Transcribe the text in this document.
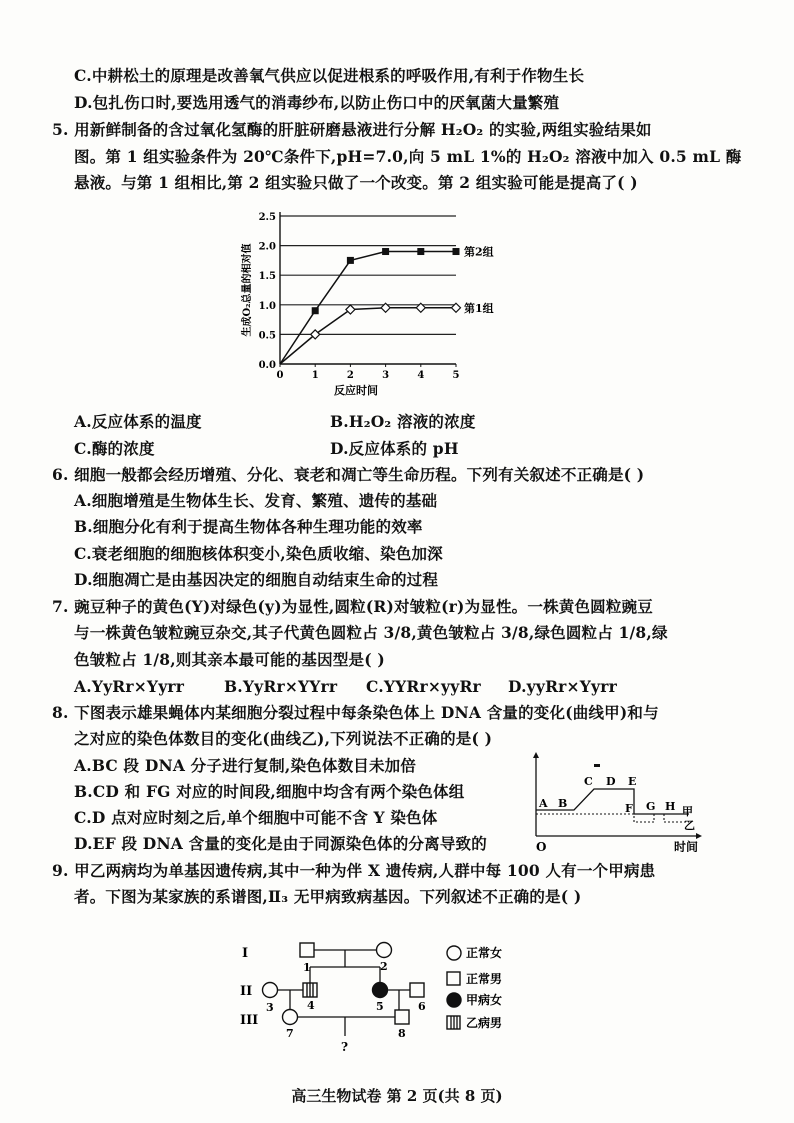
C.中耕松土的原理是改善氧气供应以促进根系的呼吸作用,有利于作物生长
D.包扎伤口时,要选用透气的消毒纱布,以防止伤口中的厌氧菌大量繁殖
5. 用新鲜制备的含过氧化氢酶的肝脏研磨悬液进行分解 H₂O₂ 的实验,两组实验结果如
图。第 1 组实验条件为 20℃条件下,pH=7.0,向 5 mL 1%的 H₂O₂ 溶液中加入 0.5 mL 酶
悬液。与第 1 组相比,第 2 组实验只做了一个改变。第 2 组实验可能是提高了( )
0.0
0.5
1.0
1.5
2.0
2.5
0	1	2	3	4	5
反应时间
生成O₂总量的相对值	第2组
第1组
A.反应体系的温度	B.H₂O₂ 溶液的浓度
C.酶的浓度	D.反应体系的 pH
6. 细胞一般都会经历增殖、分化、衰老和凋亡等生命历程。下列有关叙述不正确是( )
A.细胞增殖是生物体生长、发育、繁殖、遗传的基础
B.细胞分化有利于提高生物体各种生理功能的效率
C.衰老细胞的细胞核体积变小,染色质收缩、染色加深
D.细胞凋亡是由基因决定的细胞自动结束生命的过程
7. 豌豆种子的黄色(Y)对绿色(y)为显性,圆粒(R)对皱粒(r)为显性。一株黄色圆粒豌豆
与一株黄色皱粒豌豆杂交,其子代黄色圆粒占 3/8,黄色皱粒占 3/8,绿色圆粒占 1/8,绿
色皱粒占 1/8,则其亲本最可能的基因型是( )
A.YyRr×Yyrr	B.YyRr×YYrr C.YYRr×yyRr D.yyRr×Yyrr
8. 下图表示雄果蝇体内某细胞分裂过程中每条染色体上 DNA 含量的变化(曲线甲)和与
之对应的染色体数目的变化(曲线乙),下列说法不正确的是( )
A.BC 段 DNA 分子进行复制,染色体数目未加倍
B.CD 和 FG 对应的时间段,细胞中均含有两个染色体组
C.D 点对应时刻之后,单个细胞中可能不含 Y 染色体
D.EF 段 DNA 含量的变化是由于同源染色体的分离导致的	O	时间
A B
C D E
F G H 甲
乙
9. 甲乙两病均为单基因遗传病,其中一种为伴 X 遗传病,人群中每 100 人有一个甲病患
者。下图为某家族的系谱图,Ⅱ₃ 无甲病致病基因。下列叙述不正确的是( )
I
II
III
1	2
3	4	5	6
7	8
?
正常女
正常男
甲病女
乙病男
高三生物试卷 第 2 页(共 8 页)
